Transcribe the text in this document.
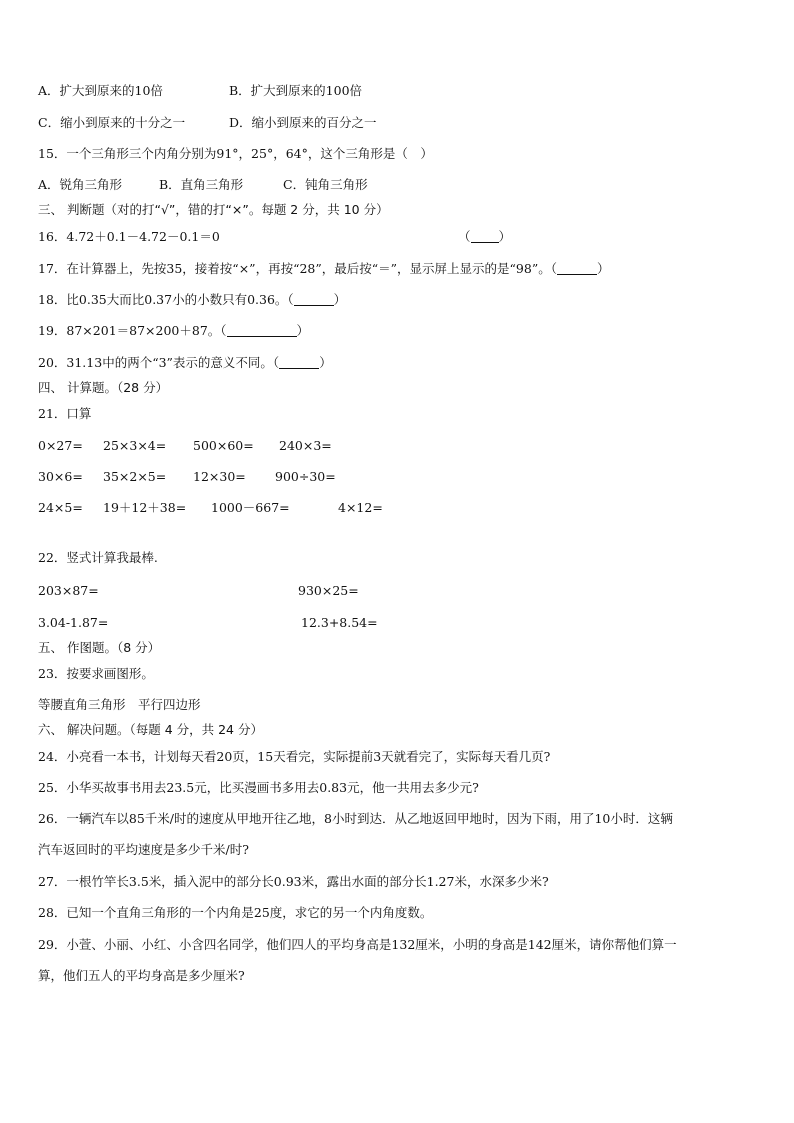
A．扩大到原来的10倍	B．扩大到原来的100倍
C．缩小到原来的十分之一	D．缩小到原来的百分之一
15．一个三角形三个内角分别为91°，25°，64°，这个三角形是（　）
A．锐角三角形	B．直角三角形	C．钝角三角形
三、 判断题（对的打“√”，错的打“×”。每题 2 分，共 10 分）
16．4.72＋0.1－4.72－0.1＝0	（ ）
17．在计算器上，先按35，接着按“×”，再按“28”，最后按“＝”，显示屏上显示的是“98”。（	）
18．比0.35大而比0.37小的小数只有0.36。（	）
19．87×201＝87×200＋87。（	）
20．31.13中的两个“3”表示的意义不同。（	）
四、 计算题。（28 分）
21．口算
0×27= 25×3×4= 500×60= 240×3=
30×6= 35×2×5= 12×30= 900÷30=
24×5= 19＋12＋38= 1000－667=	4×12=
22．竖式计算我最棒.
203×87=	930×25=
3.04-1.87=	12.3+8.54=
五、 作图题。（8 分）
23．按要求画图形。
等腰直角三角形　平行四边形
六、 解决问题。（每题 4 分，共 24 分）
24．小亮看一本书，计划每天看20页，15天看完，实际提前3天就看完了，实际每天看几页?
25．小华买故事书用去23.5元，比买漫画书多用去0.83元，他一共用去多少元?
26．一辆汽车以85千米/时的速度从甲地开往乙地，8小时到达．从乙地返回甲地时，因为下雨，用了10小时．这辆
汽车返回时的平均速度是多少千米/时?
27．一根竹竿长3.5米，插入泥中的部分长0.93米，露出水面的部分长1.27米，水深多少米?
28．已知一个直角三角形的一个内角是25度，求它的另一个内角度数。
29．小萱、小丽、小红、小含四名同学，他们四人的平均身高是132厘米，小明的身高是142厘米，请你帮他们算一
算，他们五人的平均身高是多少厘米?
